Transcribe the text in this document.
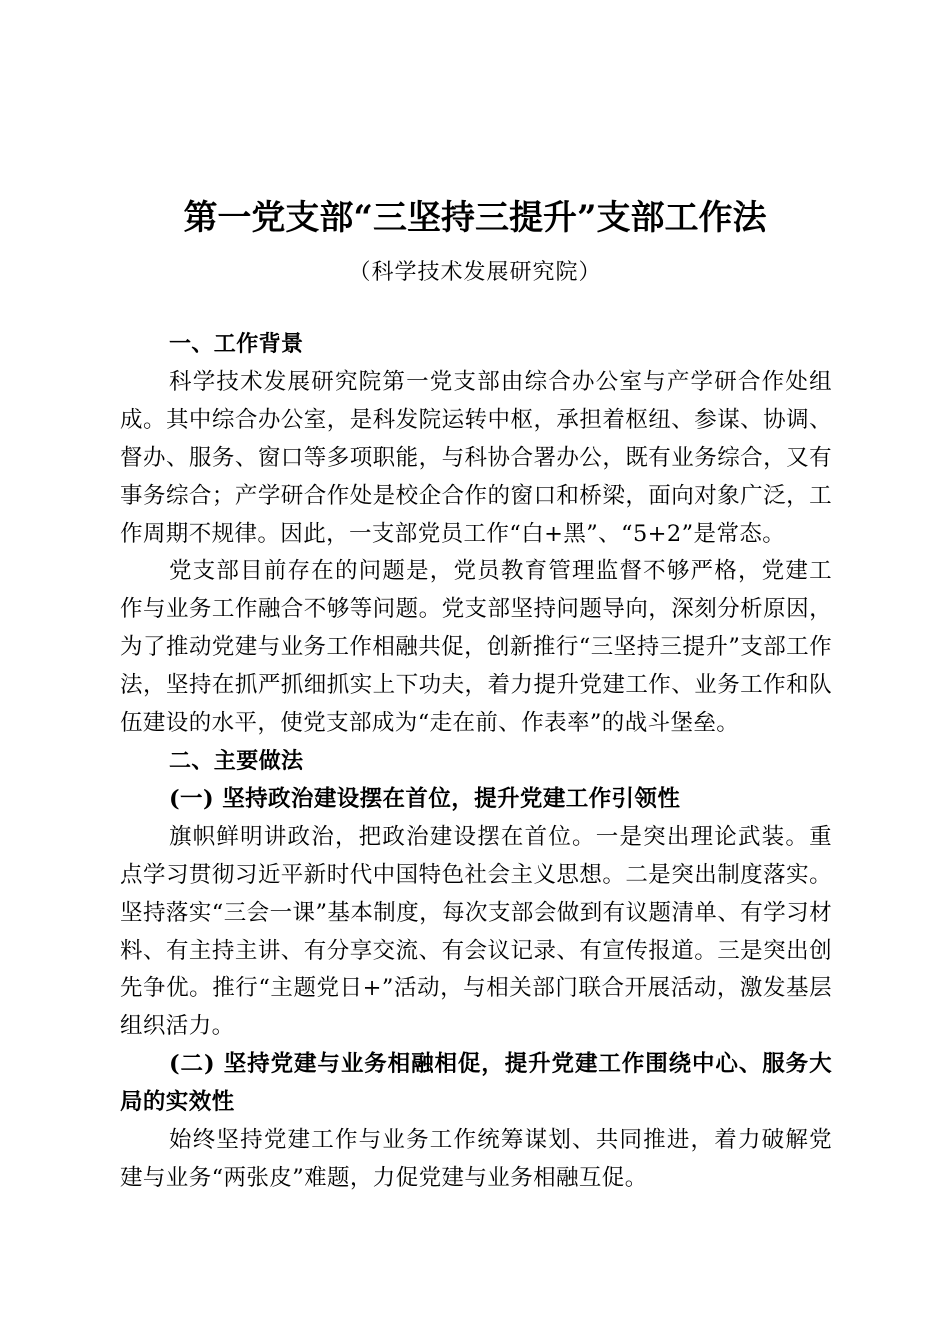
第一党支部“三坚持三提升”支部工作法
（科学技术发展研究院）

一、工作背景

科学技术发展研究院第一党支部由综合办公室与产学研合作处组成。其中综合办公室，是科发院运转中枢，承担着枢纽、参谋、协调、督办、服务、窗口等多项职能，与科协合署办公，既有业务综合，又有事务综合；产学研合作处是校企合作的窗口和桥梁，面向对象广泛，工作周期不规律。因此，一支部党员工作“白+黑”、“5+2”是常态。

党支部目前存在的问题是，党员教育管理监督不够严格，党建工作与业务工作融合不够等问题。党支部坚持问题导向，深刻分析原因，为了推动党建与业务工作相融共促，创新推行“三坚持三提升”支部工作法，坚持在抓严抓细抓实上下功夫，着力提升党建工作、业务工作和队伍建设的水平，使党支部成为“走在前、作表率”的战斗堡垒。

二、主要做法

(一) 坚持政治建设摆在首位，提升党建工作引领性

旗帜鲜明讲政治，把政治建设摆在首位。一是突出理论武装。重点学习贯彻习近平新时代中国特色社会主义思想。二是突出制度落实。坚持落实“三会一课”基本制度，每次支部会做到有议题清单、有学习材料、有主持主讲、有分享交流、有会议记录、有宣传报道。三是突出创先争优。推行“主题党日+”活动，与相关部门联合开展活动，激发基层组织活力。

(二) 坚持党建与业务相融相促，提升党建工作围绕中心、服务大局的实效性

始终坚持党建工作与业务工作统筹谋划、共同推进，着力破解党建与业务“两张皮”难题，力促党建与业务相融互促。
